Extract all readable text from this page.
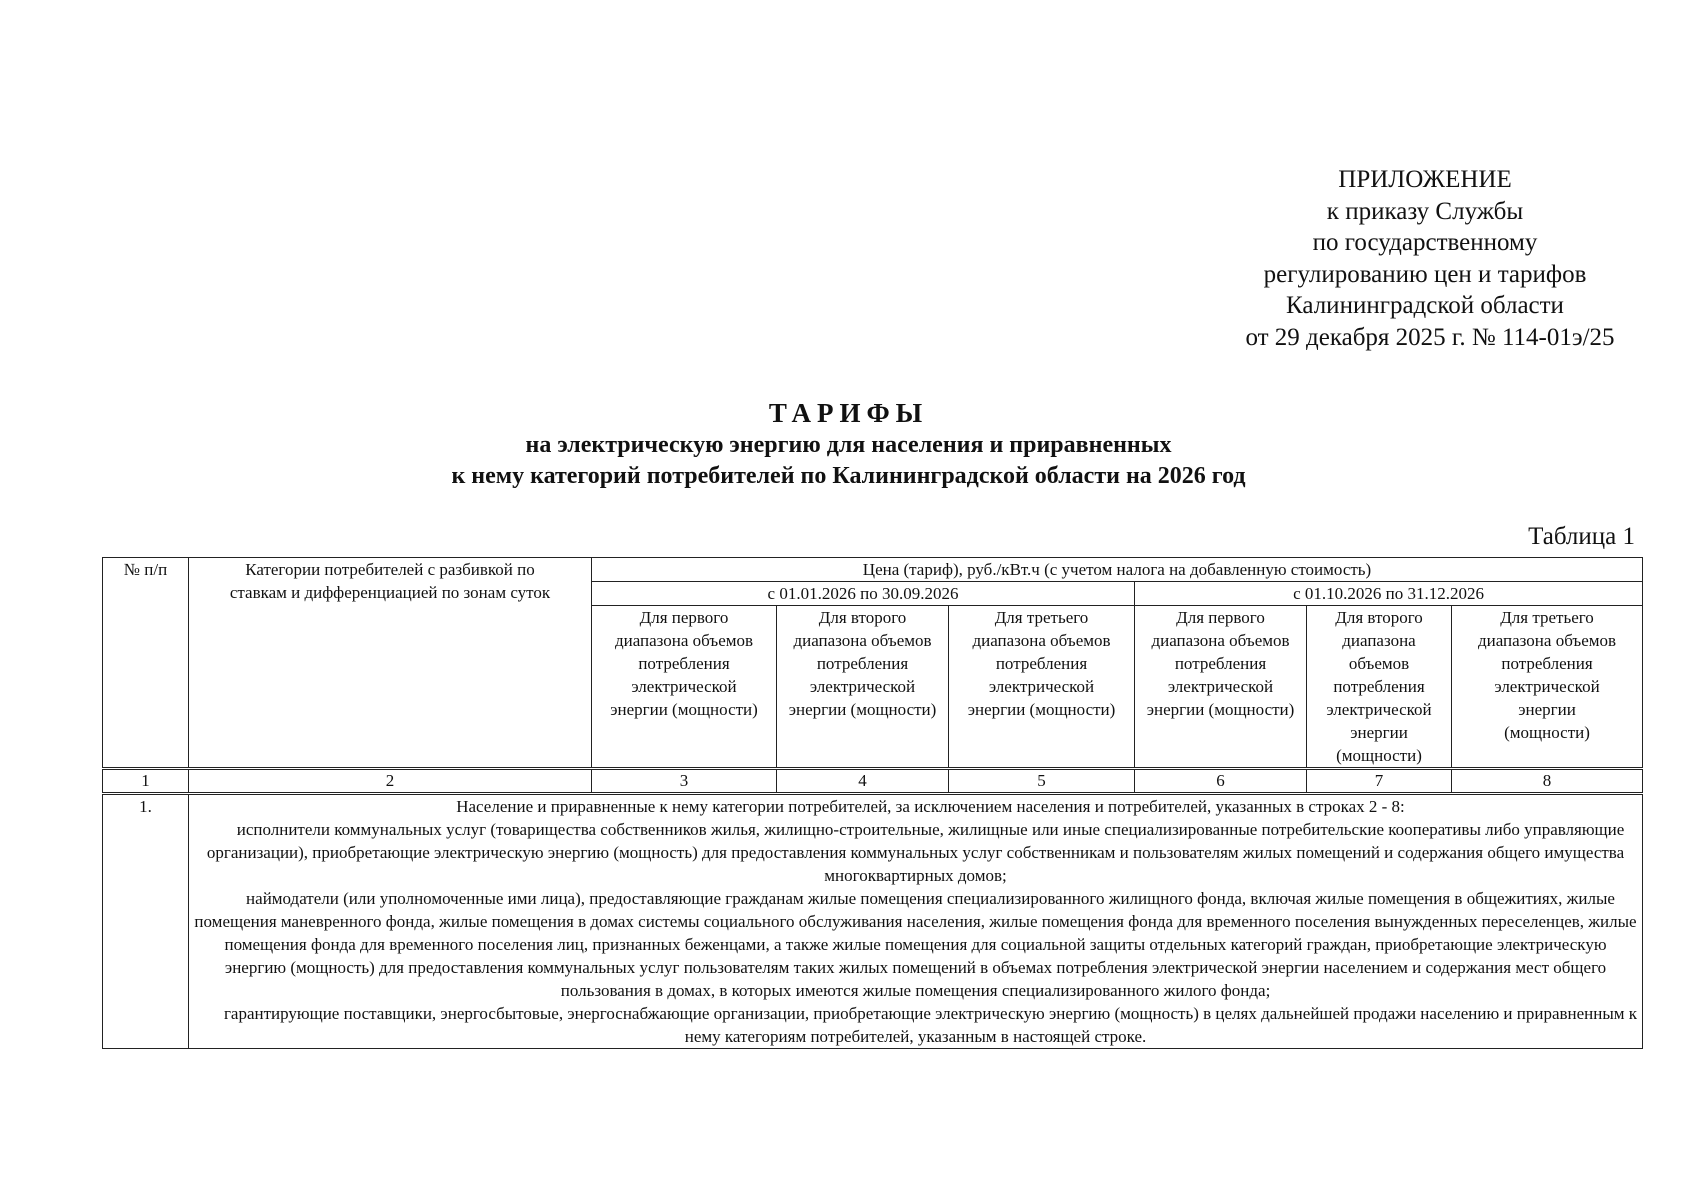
ПРИЛОЖЕНИЕ
к приказу Службы
по государственному
регулированию цен и тарифов
Калининградской области
от 29 декабря 2025 г. № 114-01э/25
ТАРИФЫ
на электрическую энергию для населения и приравненных
к нему категорий потребителей по Калининградской области на 2026 год
Таблица 1
№ п/п	Категории потребителей с разбивкой по ставкам и дифференциацией по зонам суток	Цена (тариф), руб./кВт.ч (с учетом налога на добавленную стоимость)					
		с 01.01.2026 по 30.09.2026			с 01.10.2026 по 31.12.2026		
		Для первого диапазона объемов потребления электрической энергии (мощности)	Для второго диапазона объемов потребления электрической энергии (мощности)	Для третьего диапазона объемов потребления электрической энергии (мощности)	Для первого диапазона объемов потребления электрической энергии (мощности)	Для второго диапазона объемов потребления электрической энергии (мощности)	Для третьего диапазона объемов потребления электрической энергии (мощности)
1	2	3	4	5	6	7	8
1.	Население и приравненные к нему категории потребителей, за исключением населения и потребителей, указанных в строках 2 - 8:

исполнители коммунальных услуг (товарищества собственников жилья, жилищно-строительные, жилищные или иные специализированные потребительские кооперативы либо управляющие организации), приобретающие электрическую энергию (мощность) для предоставления коммунальных услуг собственникам и пользователям жилых помещений и содержания общего имущества многоквартирных домов;

наймодатели (или уполномоченные ими лица), предоставляющие гражданам жилые помещения специализированного жилищного фонда, включая жилые помещения в общежитиях, жилые помещения маневренного фонда, жилые помещения в домах системы социального обслуживания населения, жилые помещения фонда для временного поселения вынужденных переселенцев, жилые помещения фонда для временного поселения лиц, признанных беженцами, а также жилые помещения для социальной защиты отдельных категорий граждан, приобретающие электрическую энергию (мощность) для предоставления коммунальных услуг пользователям таких жилых помещений в объемах потребления электрической энергии населением и содержания мест общего пользования в домах, в которых имеются жилые помещения специализированного жилого фонда;

гарантирующие поставщики, энергосбытовые, энергоснабжающие организации, приобретающие электрическую энергию (мощность) в целях дальнейшей продажи населению и приравненным к нему категориям потребителей, указанным в настоящей строке.						
